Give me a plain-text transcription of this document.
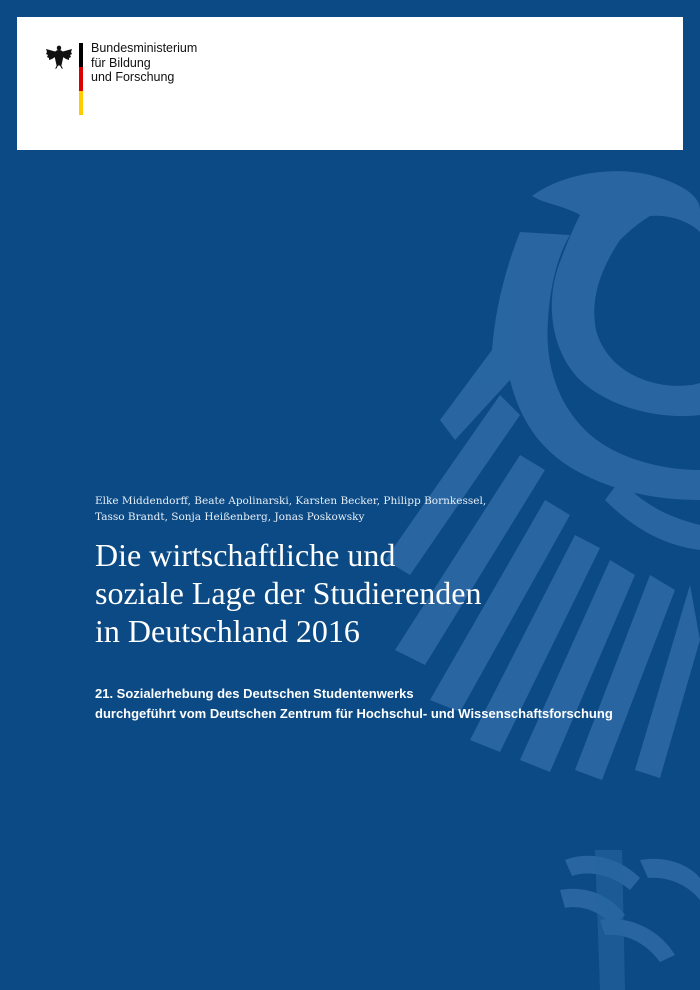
Bundesministerium
für Bildung
und Forschung
Elke Middendorff, Beate Apolinarski, Karsten Becker, Philipp Bornkessel,
Tasso Brandt, Sonja Heißenberg, Jonas Poskowsky
Die wirtschaftliche und
soziale Lage der Studierenden
in Deutschland 2016
21. Sozialerhebung des Deutschen Studentenwerks
durchgeführt vom Deutschen Zentrum für Hochschul- und Wissenschaftsforschung
